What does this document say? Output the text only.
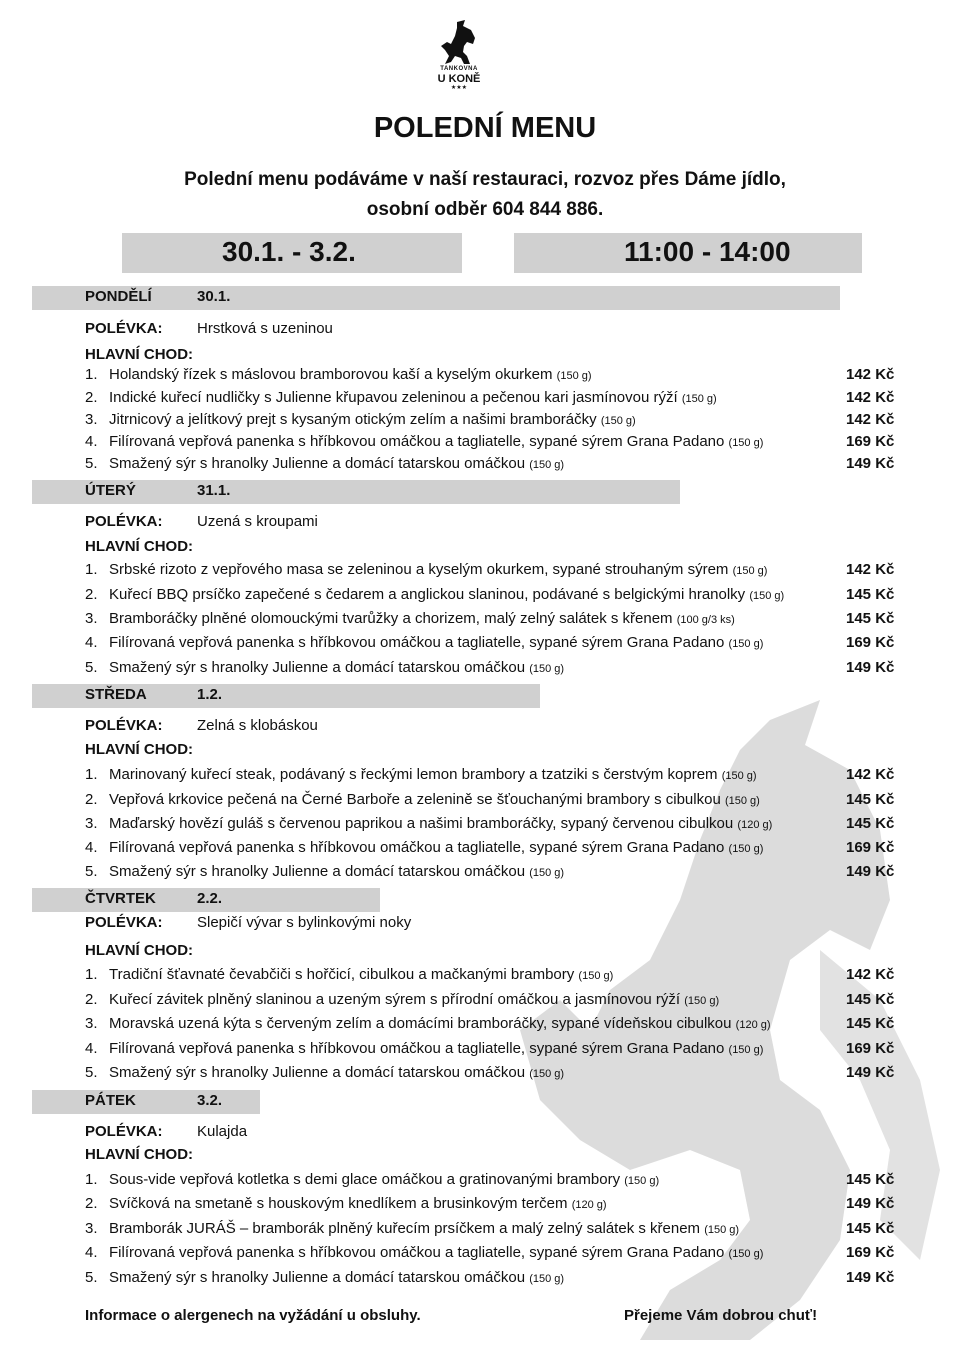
TANKOVNA
U KONĚ
★★★
POLEDNÍ MENU
Polední menu podáváme v naší restauraci, rozvoz přes Dáme jídlo,
osobní odběr 604 844 886.
30.1. - 3.2.	11:00 - 14:00
PONDĚLÍ	30.1.
POLÉVKA: Hrstková s uzeninou
HLAVNÍ CHOD:
1. Holandský řízek s máslovou bramborovou kaší a kyselým okurkem (150 g)	142 Kč
2. Indické kuřecí nudličky s Julienne křupavou zeleninou a pečenou kari jasmínovou rýží (150 g)	142 Kč
3. Jitrnicový a jelítkový prejt s kysaným otickým zelím a našimi bramboráčky (150 g)	142 Kč
4. Filírovaná vepřová panenka s hříbkovou omáčkou a tagliatelle, sypané sýrem Grana Padano (150 g)	169 Kč
5. Smažený sýr s hranolky Julienne a domácí tatarskou omáčkou (150 g)	149 Kč
ÚTERÝ	31.1.
POLÉVKA: Uzená s kroupami
HLAVNÍ CHOD:
1. Srbské rizoto z vepřového masa se zeleninou a kyselým okurkem, sypané strouhaným sýrem (150 g)	142 Kč
2. Kuřecí BBQ prsíčko zapečené s čedarem a anglickou slaninou, podávané s belgickými hranolky (150 g)	145 Kč
3. Bramboráčky plněné olomouckými tvarůžky a chorizem, malý zelný salátek s křenem (100 g/3 ks)	145 Kč
4. Filírovaná vepřová panenka s hříbkovou omáčkou a tagliatelle, sypané sýrem Grana Padano (150 g)	169 Kč
5. Smažený sýr s hranolky Julienne a domácí tatarskou omáčkou (150 g)	149 Kč
STŘEDA	1.2.
POLÉVKA: Zelná s klobáskou
HLAVNÍ CHOD:
1. Marinovaný kuřecí steak, podávaný s řeckými lemon brambory a tzatziki s čerstvým koprem (150 g)	142 Kč
2. Vepřová krkovice pečená na Černé Barboře a zelenině se šťouchanými brambory s cibulkou (150 g)	145 Kč
3. Maďarský hovězí guláš s červenou paprikou a našimi bramboráčky, sypaný červenou cibulkou (120 g)	145 Kč
4. Filírovaná vepřová panenka s hříbkovou omáčkou a tagliatelle, sypané sýrem Grana Padano (150 g)	169 Kč
5. Smažený sýr s hranolky Julienne a domácí tatarskou omáčkou (150 g)	149 Kč
ČTVRTEK	2.2.
POLÉVKA: Slepičí vývar s bylinkovými noky
HLAVNÍ CHOD:
1. Tradiční šťavnaté čevabčiči s hořčicí, cibulkou a mačkanými brambory (150 g)	142 Kč
2. Kuřecí závitek plněný slaninou a uzeným sýrem s přírodní omáčkou a jasmínovou rýží (150 g)	145 Kč
3. Moravská uzená kýta s červeným zelím a domácími bramboráčky, sypané vídeňskou cibulkou (120 g)	145 Kč
4. Filírovaná vepřová panenka s hříbkovou omáčkou a tagliatelle, sypané sýrem Grana Padano (150 g)	169 Kč
5. Smažený sýr s hranolky Julienne a domácí tatarskou omáčkou (150 g)	149 Kč
PÁTEK	3.2.
POLÉVKA: Kulajda
HLAVNÍ CHOD:
1. Sous-vide vepřová kotletka s demi glace omáčkou a gratinovanými brambory (150 g)	145 Kč
2. Svíčková na smetaně s houskovým knedlíkem a brusinkovým terčem (120 g)	149 Kč
3. Bramborák JURÁŠ – bramborák plněný kuřecím prsíčkem a malý zelný salátek s křenem (150 g)	145 Kč
4. Filírovaná vepřová panenka s hříbkovou omáčkou a tagliatelle, sypané sýrem Grana Padano (150 g)	169 Kč
5. Smažený sýr s hranolky Julienne a domácí tatarskou omáčkou (150 g)	149 Kč
Informace o alergenech na vyžádání u obsluhy.	Přejeme Vám dobrou chuť!
